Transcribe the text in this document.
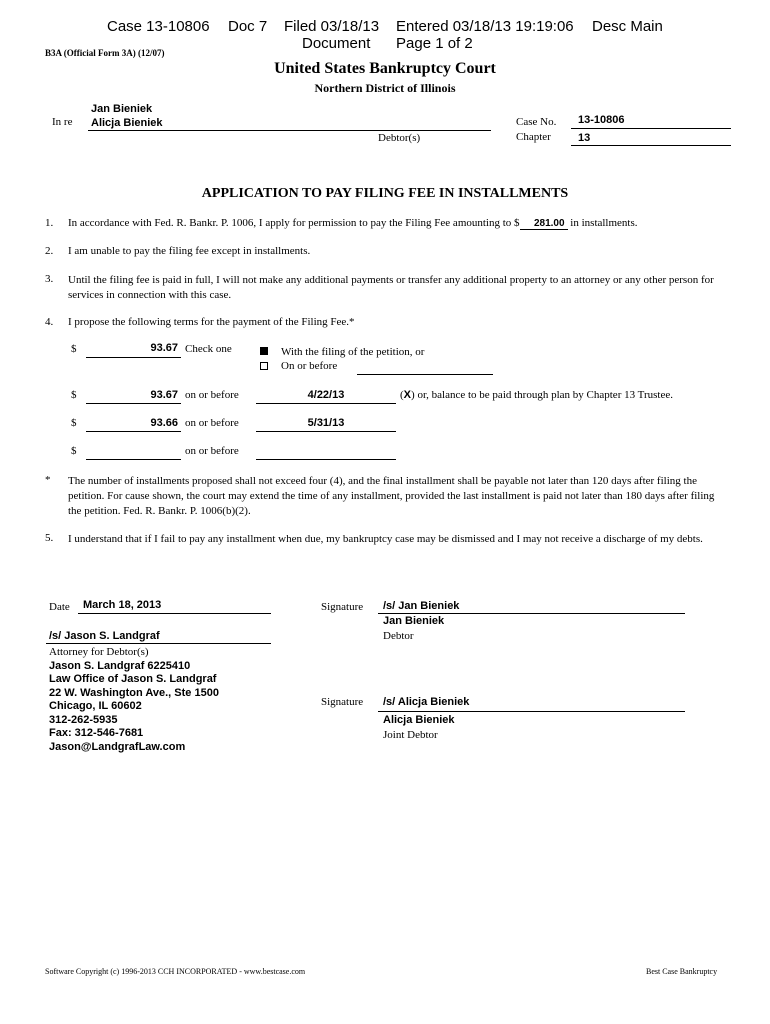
Case 13-10806 Doc 7 Filed 03/18/13 Entered 03/18/13 19:19:06 Desc Main
Document Page 1 of 2
B3A (Official Form 3A) (12/07)
United States Bankruptcy Court
Northern District of Illinois
In re
Jan Bieniek
Alicja Bieniek
Debtor(s)
Case No. 13-10806
Chapter 13
APPLICATION TO PAY FILING FEE IN INSTALLMENTS
1. In accordance with Fed. R. Bankr. P. 1006, I apply for permission to pay the Filing Fee amounting to $ 281.00 in installments.
2. I am unable to pay the filing fee except in installments.
3. Until the filing fee is paid in full, I will not make any additional payments or transfer any additional property to an attorney or any other person for services in connection with this case.
4. I propose the following terms for the payment of the Filing Fee.*
$	93.67 Check one	With the filing of the petition, or
On or before
$	93.67 on or before	4/22/13	(X) or, balance to be paid through plan by Chapter 13 Trustee.
$	93.66 on or before	5/31/13
$	on or before
* The number of installments proposed shall not exceed four (4), and the final installment shall be payable not later than 120 days after filing the petition. For cause shown, the court may extend the time of any installment, provided the last installment is paid not later than 180 days after filing the petition. Fed. R. Bankr. P. 1006(b)(2).
5. I understand that if I fail to pay any installment when due, my bankruptcy case may be dismissed and I may not receive a discharge of my debts.
Date March 18, 2013
/s/ Jason S. Landgraf
Attorney for Debtor(s)
Jason S. Landgraf 6225410
Law Office of Jason S. Landgraf
22 W. Washington Ave., Ste 1500
Chicago, IL 60602
312-262-5935
Fax: 312-546-7681
Jason@LandgrafLaw.com
Signature /s/ Jan Bieniek
Jan Bieniek
Debtor
Signature /s/ Alicja Bieniek
Alicja Bieniek
Joint Debtor
Software Copyright (c) 1996-2013 CCH INCORPORATED - www.bestcase.com	Best Case Bankruptcy
